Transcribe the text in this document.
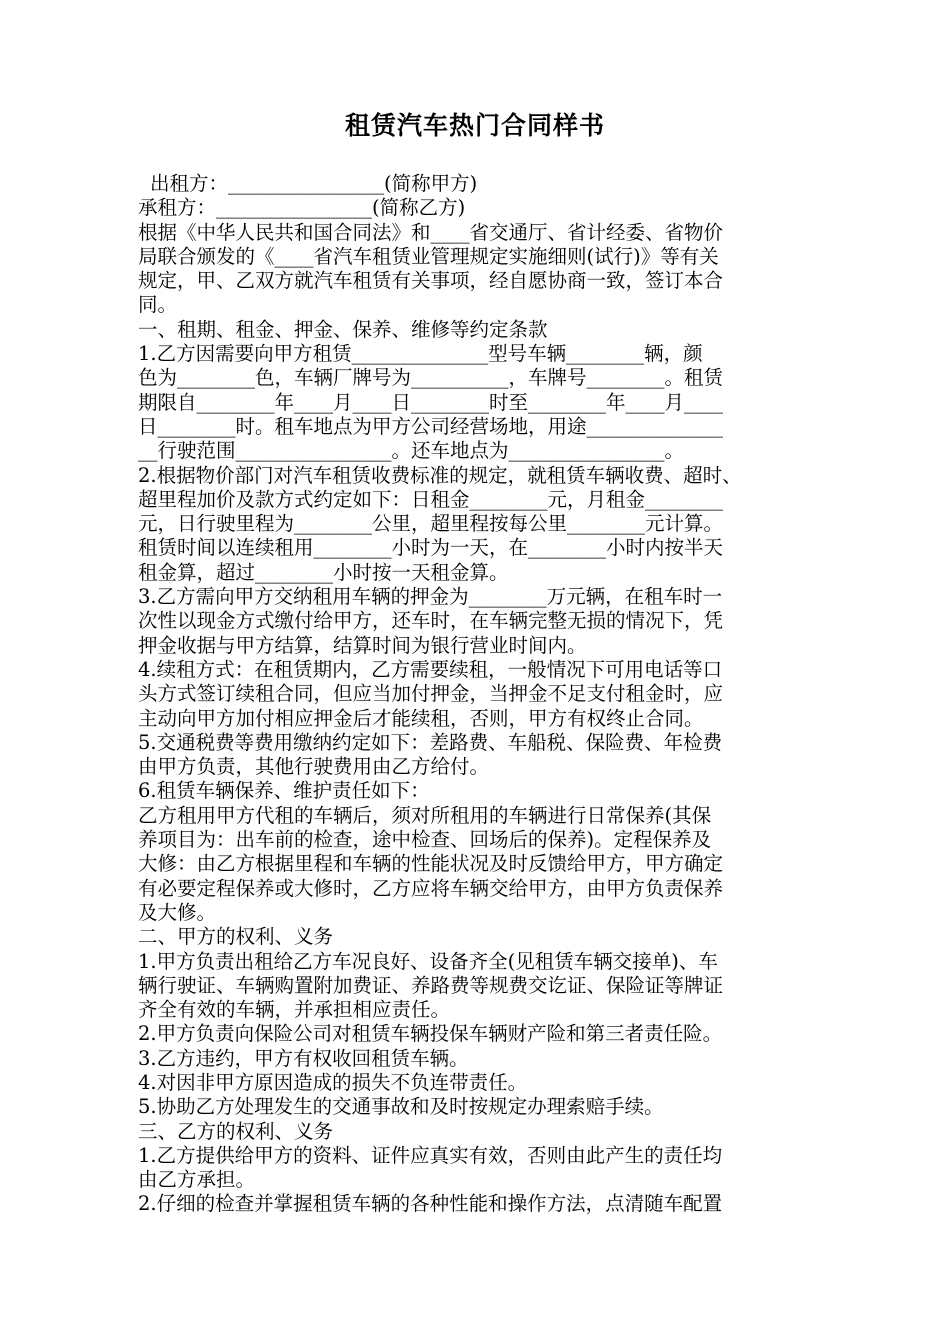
租赁汽车热门合同样书
出租方：________________(简称甲方)
承租方：________________(简称乙方)
根据《中华人民共和国合同法》和____省交通厅、省计经委、省物价
局联合颁发的《____省汽车租赁业管理规定实施细则(试行)》等有关
规定，甲、乙双方就汽车租赁有关事项，经自愿协商一致，签订本合
同。
一、租期、租金、押金、保养、维修等约定条款
1.乙方因需要向甲方租赁______________型号车辆________辆，颜
色为________色，车辆厂牌号为__________，车牌号________。租赁
期限自________年____月____日________时至________年____月____
日________时。租车地点为甲方公司经营场地，用途______________
__行驶范围________________。还车地点为________________。
2.根据物价部门对汽车租赁收费标准的规定，就租赁车辆收费、超时、
超里程加价及款方式约定如下：日租金________元，月租金________
元，日行驶里程为________公里，超里程按每公里________元计算。
租赁时间以连续租用________小时为一天，在________小时内按半天
租金算，超过________小时按一天租金算。
3.乙方需向甲方交纳租用车辆的押金为________万元辆，在租车时一
次性以现金方式缴付给甲方，还车时，在车辆完整无损的情况下，凭
押金收据与甲方结算，结算时间为银行营业时间内。
4.续租方式：在租赁期内，乙方需要续租，一般情况下可用电话等口
头方式签订续租合同，但应当加付押金，当押金不足支付租金时，应
主动向甲方加付相应押金后才能续租，否则，甲方有权终止合同。
5.交通税费等费用缴纳约定如下：差路费、车船税、保险费、年检费
由甲方负责，其他行驶费用由乙方给付。
6.租赁车辆保养、维护责任如下：
乙方租用甲方代租的车辆后，须对所租用的车辆进行日常保养(其保
养项目为：出车前的检查，途中检查、回场后的保养)。定程保养及
大修：由乙方根据里程和车辆的性能状况及时反馈给甲方，甲方确定
有必要定程保养或大修时，乙方应将车辆交给甲方，由甲方负责保养
及大修。
二、甲方的权利、义务
1.甲方负责出租给乙方车况良好、设备齐全(见租赁车辆交接单)、车
辆行驶证、车辆购置附加费证、养路费等规费交讫证、保险证等牌证
齐全有效的车辆，并承担相应责任。
2.甲方负责向保险公司对租赁车辆投保车辆财产险和第三者责任险。
3.乙方违约，甲方有权收回租赁车辆。
4.对因非甲方原因造成的损失不负连带责任。
5.协助乙方处理发生的交通事故和及时按规定办理索赔手续。
三、乙方的权利、义务
1.乙方提供给甲方的资料、证件应真实有效，否则由此产生的责任均
由乙方承担。
2.仔细的检查并掌握租赁车辆的各种性能和操作方法，点清随车配置
